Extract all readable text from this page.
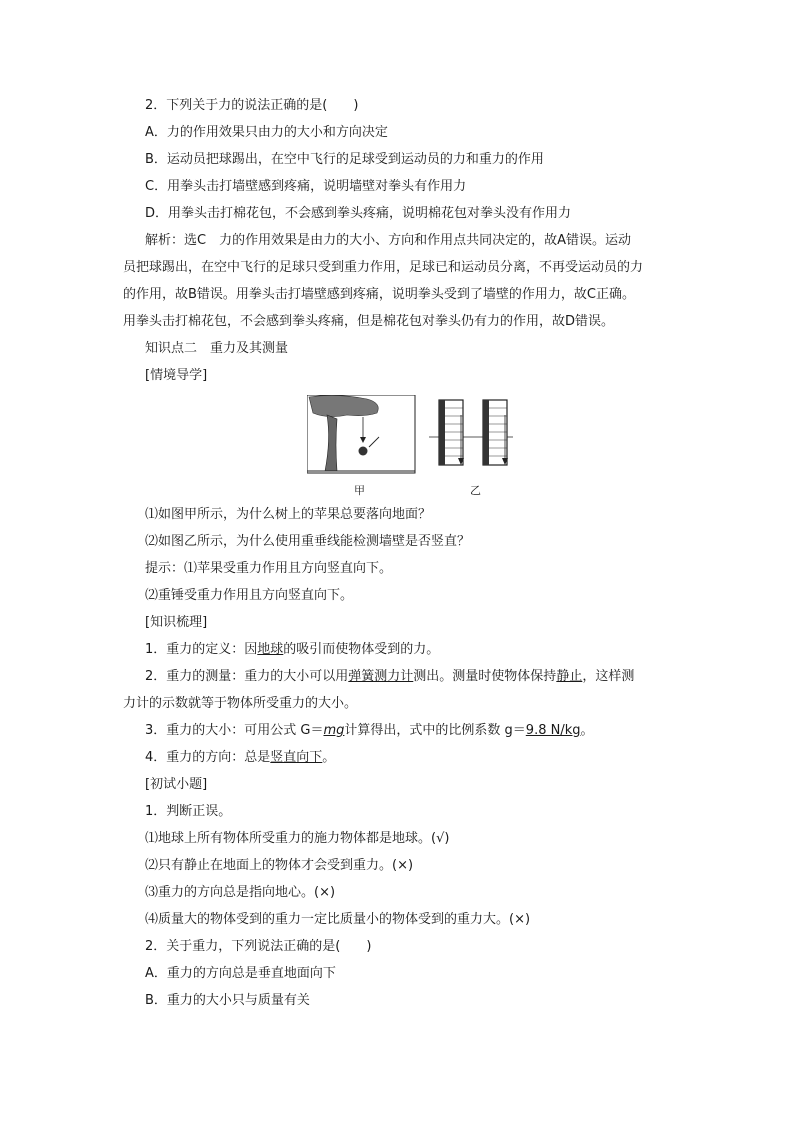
2．下列关于力的说法正确的是(　　)
A．力的作用效果只由力的大小和方向决定
B．运动员把球踢出，在空中飞行的足球受到运动员的力和重力的作用
C．用拳头击打墙壁感到疼痛，说明墙壁对拳头有作用力
D．用拳头击打棉花包，不会感到拳头疼痛，说明棉花包对拳头没有作用力
解析：选C　力的作用效果是由力的大小、方向和作用点共同决定的，故A错误。运动
员把球踢出，在空中飞行的足球只受到重力作用，足球已和运动员分离，不再受运动员的力
的作用，故B错误。用拳头击打墙壁感到疼痛，说明拳头受到了墙壁的作用力，故C正确。
用拳头击打棉花包，不会感到拳头疼痛，但是棉花包对拳头仍有力的作用，故D错误。
知识点二　重力及其测量
[情境导学]
甲	乙
⑴如图甲所示，为什么树上的苹果总要落向地面？
⑵如图乙所示，为什么使用重垂线能检测墙壁是否竖直？
提示：⑴苹果受重力作用且方向竖直向下。
⑵重锤受重力作用且方向竖直向下。
[知识梳理]
1．重力的定义：因地球的吸引而使物体受到的力。
2．重力的测量：重力的大小可以用弹簧测力计测出。测量时使物体保持静止，这样测
力计的示数就等于物体所受重力的大小。
3．重力的大小：可用公式 G＝mg计算得出，式中的比例系数 g＝9.8 N/kg。
4．重力的方向：总是竖直向下。
[初试小题]
1．判断正误。
⑴地球上所有物体所受重力的施力物体都是地球。(√)
⑵只有静止在地面上的物体才会受到重力。(×)
⑶重力的方向总是指向地心。(×)
⑷质量大的物体受到的重力一定比质量小的物体受到的重力大。(×)
2．关于重力，下列说法正确的是(　　)
A．重力的方向总是垂直地面向下
B．重力的大小只与质量有关
